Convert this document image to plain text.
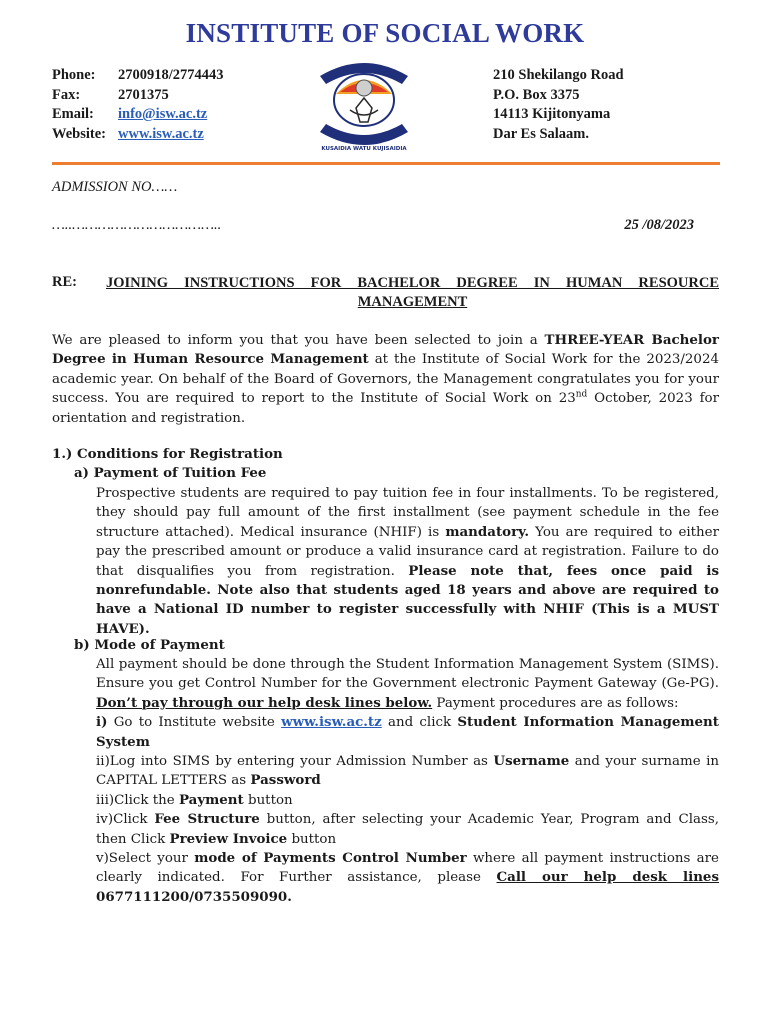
INSTITUTE OF SOCIAL WORK
Phone:	2700918/2774443
Fax:	2701375
Email:	info@isw.ac.tz
Website: www.isw.ac.tz
KUSAIDIA WATU KUJISAIDIA
210 Shekilango Road
P.O. Box 3375
14113 Kijitonyama
Dar Es Salaam.
ADMISSION NO……
…..……………………………..	25 /08/2023
RE: JOINING INSTRUCTIONS FOR BACHELOR DEGREE IN HUMAN RESOURCE MANAGEMENT
We are pleased to inform you that you have been selected to join a THREE-YEAR Bachelor Degree in Human Resource Management at the Institute of Social Work for the 2023/2024 academic year. On behalf of the Board of Governors, the Management congratulates you for your success. You are required to report to the Institute of Social Work on 23nd October, 2023 for orientation and registration.
1.) Conditions for Registration
a) Payment of Tuition Fee
Prospective students are required to pay tuition fee in four installments. To be registered, they should pay full amount of the first installment (see payment schedule in the fee structure attached). Medical insurance (NHIF) is mandatory. You are required to either pay the prescribed amount or produce a valid insurance card at registration. Failure to do that disqualifies you from registration. Please note that, fees once paid is nonrefundable. Note also that students aged 18 years and above are required to have a National ID number to register successfully with NHIF (This is a MUST HAVE).
b) Mode of Payment

All payment should be done through the Student Information Management System (SIMS). Ensure you get Control Number for the Government electronic Payment Gateway (Ge-PG). Don’t pay through our help desk lines below. Payment procedures are as follows:

i) Go to Institute website www.isw.ac.tz and click Student Information Management System

ii)Log into SIMS by entering your Admission Number as Username and your surname in CAPITAL LETTERS as Password

iii)Click the Payment button

iv)Click Fee Structure button, after selecting your Academic Year, Program and Class, then Click Preview Invoice button

v)Select your mode of Payments Control Number where all payment instructions are clearly indicated. For Further assistance, please Call our help desk lines 0677111200/0735509090.
